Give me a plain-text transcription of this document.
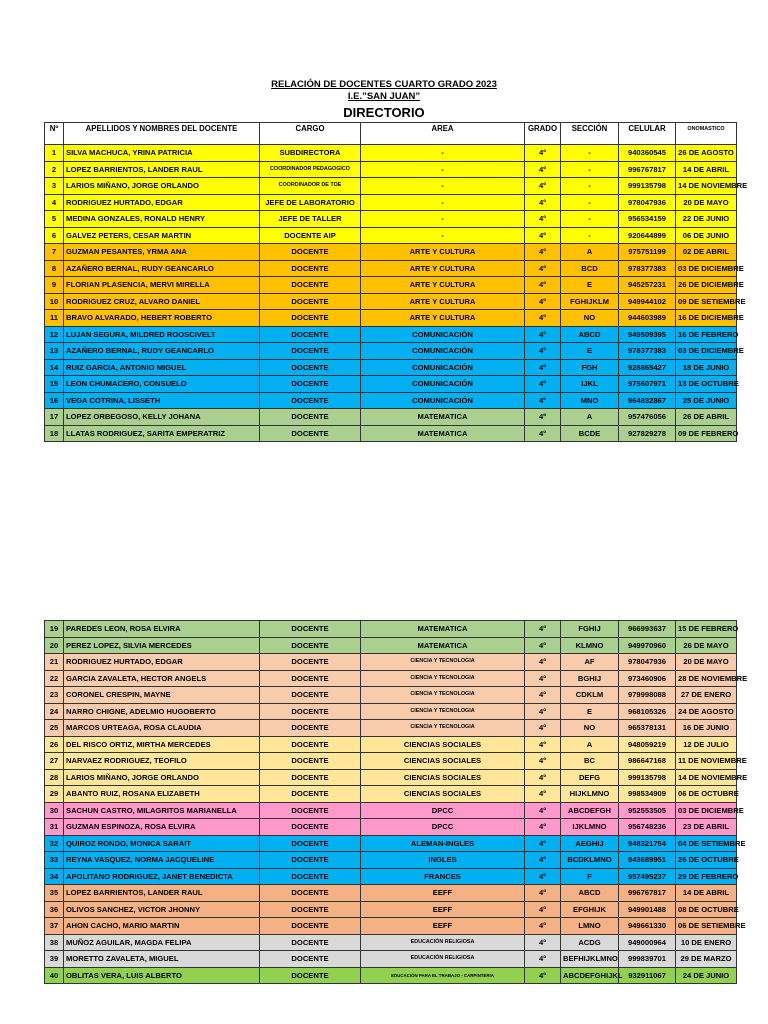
RELACIÓN DE DOCENTES CUARTO GRADO 2023
I.E.”SAN JUAN”
DIRECTORIO
Nº	APELLIDOS Y NOMBRES DEL DOCENTE	CARGO	AREA	GRADO	SECCIÓN	CELULAR	ONOMASTICO
1	SILVA MACHUCA, YRINA PATRICIA	SUBDIRECTORA	-	4º	-	940360545	26 DE AGOSTO
2	LOPEZ BARRIENTOS, LANDER RAUL	COORDINADOR PEDAGOGICO	-	4º	-	996767817	14 DE ABRIL
3	LARIOS MIÑANO, JORGE ORLANDO	COORDINADOR DE TOE	-	4º	-	999135798	14 DE NOVIEMBRE
4	RODRIGUEZ HURTADO, EDGAR	JEFE DE LABORATORIO	-	4º	-	978047936	20 DE MAYO
5	MEDINA GONZALES, RONALD HENRY	JEFE DE TALLER	-	4º	-	956534159	22 DE JUNIO
6	GALVEZ PETERS, CESAR MARTIN	DOCENTE AIP	-	4º	-	920644899	06 DE JUNIO
7	GUZMAN PESANTES, YRMA ANA	DOCENTE	ARTE Y CULTURA	4º	A	975751199	02 DE ABRIL
8	AZAÑERO BERNAL, RUDY GEANCARLO	DOCENTE	ARTE Y CULTURA	4º	BCD	978377383	03 DE DICIEMBRE
9	FLORIAN PLASENCIA, MERVI MIRELLA	DOCENTE	ARTE Y CULTURA	4º	E	945257231	26 DE DICIEMBRE
10	RODRIGUEZ CRUZ, ALVARO DANIEL	DOCENTE	ARTE Y CULTURA	4º	FGHIJKLM	949944102	09 DE SETIEMBRE
11	BRAVO ALVARADO, HEBERT ROBERTO	DOCENTE	ARTE Y CULTURA	4º	NO	944603989	16 DE DICIEMBRE
12	LUJAN SEGURA, MILDRED ROOSCIVELT	DOCENTE	COMUNICACIÓN	4º	ABCD	949509395	16 DE FEBRERO
13	AZAÑERO BERNAL, RUDY GEANCARLO	DOCENTE	COMUNICACIÓN	4º	E	978377383	03 DE DICIEMBRE
14	RUIZ GARCIA, ANTONIO MIGUEL	DOCENTE	COMUNICACIÓN	4º	FGH	928865427	18 DE JUNIO
15	LEON CHUMACERO, CONSUELO	DOCENTE	COMUNICACIÓN	4º	IJKL	975607971	13 DE OCTUBRE
16	VEGA COTRINA, LISSETH	DOCENTE	COMUNICACIÓN	4º	MNO	964832867	25 DE JUNIO
17	LOPEZ ORBEGOSO, KELLY JOHANA	DOCENTE	MATEMATICA	4º	A	957476056	26 DE ABRIL
18	LLATAS RODRIGUEZ, SARITA EMPERATRIZ	DOCENTE	MATEMATICA	4º	BCDE	927829278	09 DE FEBRERO
19	PAREDES LEON, ROSA ELVIRA	DOCENTE	MATEMATICA	4º	FGHIJ	966993637	15 DE FEBRERO
20	PEREZ LOPEZ, SILVIA MERCEDES	DOCENTE	MATEMATICA	4º	KLMNO	949970960	26 DE MAYO
21	RODRIGUEZ HURTADO, EDGAR	DOCENTE	CIENCIA Y TECNOLOGIA	4º	AF	978047936	20 DE MAYO
22	GARCIA ZAVALETA, HECTOR ANGELS	DOCENTE	CIENCIA Y TECNOLOGIA	4º	BGHIJ	973460906	28 DE NOVIEMBRE
23	CORONEL CRESPIN, MAYNE	DOCENTE	CIENCIA Y TECNOLOGIA	4º	CDKLM	979998088	27 DE ENERO
24	NARRO CHIGNE, ADELMIO HUGOBERTO	DOCENTE	CIENCIA Y TECNOLOGIA	4º	E	968105326	24 DE AGOSTO
25	MARCOS URTEAGA, ROSA CLAUDIA	DOCENTE	CIENCIA Y TECNOLOGIA	4º	NO	965378131	16 DE JUNIO
26	DEL RISCO ORTIZ, MIRTHA MERCEDES	DOCENTE	CIENCIAS SOCIALES	4º	A	948059219	12 DE JULIO
27	NARVAEZ RODRIGUEZ, TEOFILO	DOCENTE	CIENCIAS SOCIALES	4º	BC	986647168	11 DE NOVIEMBRE
28	LARIOS MIÑANO, JORGE ORLANDO	DOCENTE	CIENCIAS SOCIALES	4º	DEFG	999135798	14 DE NOVIEMBRE
29	ABANTO RUIZ, ROSANA ELIZABETH	DOCENTE	CIENCIAS SOCIALES	4º	HIJKLMNO	998534909	06 DE OCTUBRE
30	SACHUN CASTRO, MILAGRITOS MARIANELLA	DOCENTE	DPCC	4º	ABCDEFGH	952553505	03 DE DICIEMBRE
31	GUZMAN ESPINOZA, ROSA ELVIRA	DOCENTE	DPCC	4º	IJKLMNO	956748236	23 DE ABRIL
32	QUIROZ RONDO, MONICA SARAIT	DOCENTE	ALEMAN-INGLES	4º	AEGHIJ	948321754	04 DE SETIEMBRE
33	REYNA VASQUEZ, NORMA JACQUELINE	DOCENTE	INGLES	4º	BCDKLMNO	943689951	26 DE OCTUBRE
34	APOLITANO RODRIGUEZ, JANET BENEDICTA	DOCENTE	FRANCES	4º	F	957495237	29 DE FEBRERO
35	LOPEZ BARRIENTOS, LANDER RAUL	DOCENTE	EEFF	4º	ABCD	996767817	14 DE ABRIL
36	OLIVOS SANCHEZ, VICTOR JHONNY	DOCENTE	EEFF	4º	EFGHIJK	949901488	08 DE OCTUBRE
37	AHON CACHO, MARIO MARTIN	DOCENTE	EEFF	4º	LMNO	949661330	06 DE SETIEMBRE
38	MUÑOZ AGUILAR, MAGDA FELIPA	DOCENTE	EDUCACIÓN RELIGIOSA	4º	ACDG	949000964	10 DE ENERO
39	MORETTO ZAVALETA, MIGUEL	DOCENTE	EDUCACIÓN RELIGIOSA	4º	BEFHIJKLMNO	999839701	29 DE MARZO
40	OBLITAS VERA, LUIS ALBERTO	DOCENTE	EDUCACIÓN PARA EL TRABAJO - CARPINTERIA	4º	ABCDEFGHIJKL	932911067	24 DE JUNIO
